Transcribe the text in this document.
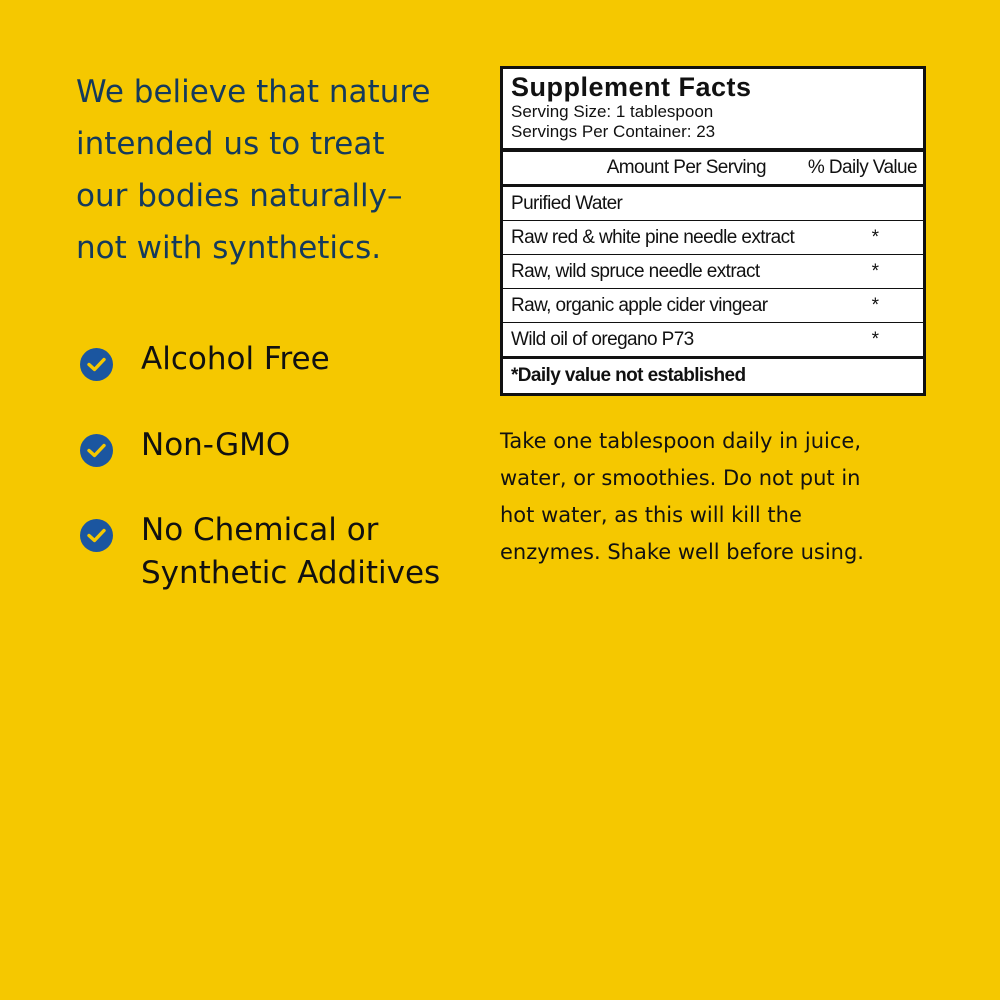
We believe that nature
intended us to treat
our bodies naturally–
not with synthetics.
Alcohol Free
Non-GMO
No Chemical or
Synthetic Additives
Supplement Facts
Serving Size: 1 tablespoon
Servings Per Container: 23
Amount Per Serving % Daily Value
Purified Water
Raw red & white pine needle extract	*
Raw, wild spruce needle extract	*
Raw, organic apple cider vingear	*
Wild oil of oregano P73	*
*Daily value not established

Take one tablespoon daily in juice,
water, or smoothies. Do not put in
hot water, as this will kill the
enzymes. Shake well before using.
